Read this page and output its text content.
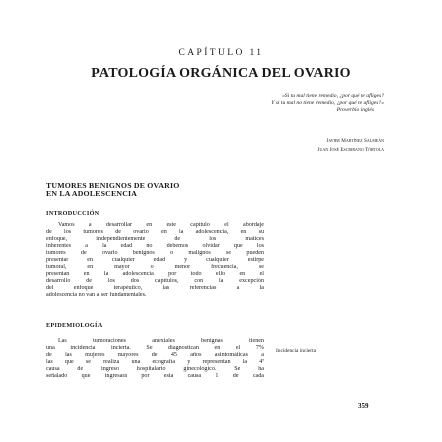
CAPÍTULO 11
PATOLOGÍA ORGÁNICA DEL OVARIO
«Si tu mal tiene remedio, ¿por qué te afliges?
Y si tu mal no tiene remedio, ¿por qué te afliges?»
Proverbio inglés
Javier Martínez Salmeán
Juan José Escribano Tórtola
TUMORES BENIGNOS DE OVARIO
EN LA ADOLESCENCIA
INTRODUCCIÓN
Vamos a desarrollar en este capítulo el abordaje
de los tumores de ovario en la adolescencia, en su
enfoque, independientemente de los matices
inherentes a la edad no debemos olvidar que los
tumores de ovario benignos o malignos se pueden
presentar en cualquier edad y cualquier estirpe
tumoral, en mayor o menor frecuencia, se
presentan en la adolescencia por todo ello en el
desarrollo de los dos capítulos, con la excepción
del enfoque terapéutico, las referencias a la
adolescencia no van a ser fundamentales.
EPIDEMIOLOGÍA
Las tumoraciones anexiales benignas tienen
una incidencia incierta. Se diagnostican en el 7%
de las mujeres mayores de 45 años asintomáticas a
las que se realiza una ecografía y representan la 4ª
causa de ingreso hospitalario ginecológico. Se ha
señalado que ingresará por esta causa 1 de cada
Incidencia incierta
359
